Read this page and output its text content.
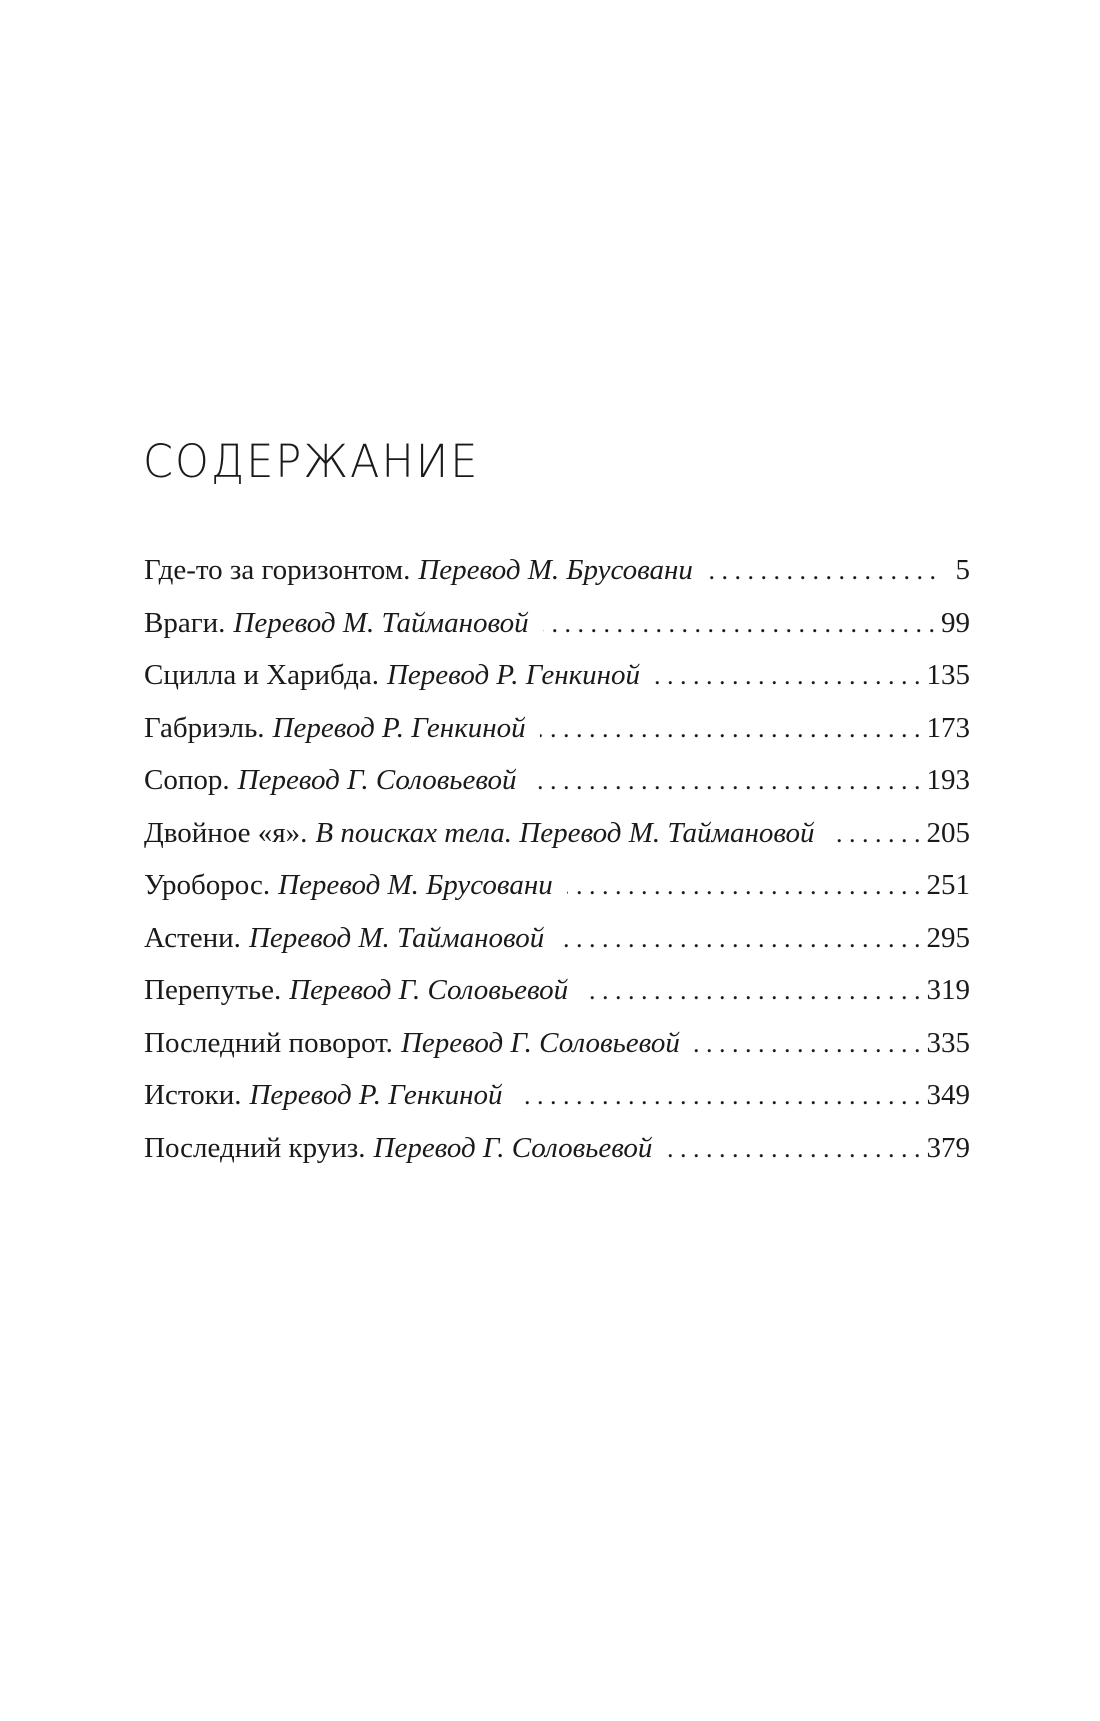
СОДЕРЖАНИЕ
Где-то за горизонтом. Перевод М. Брусовани . . .	5
Враги. Перевод М. Таймановой . . .	99
Сцилла и Харибда. Перевод Р. Генкиной . . .	135
Габриэль. Перевод Р. Генкиной . . .	173
Сопор. Перевод Г. Соловьевой . . .	193
Двойное «я». В поисках тела. Перевод М. Таймановой . . .	205
Уроборос. Перевод М. Брусовани . . .	251
Астени. Перевод М. Таймановой . . .	295
Перепутье. Перевод Г. Соловьевой . . .	319
Последний поворот. Перевод Г. Соловьевой . . .	335
Истоки. Перевод Р. Генкиной . . .	349
Последний круиз. Перевод Г. Соловьевой . . .	379
